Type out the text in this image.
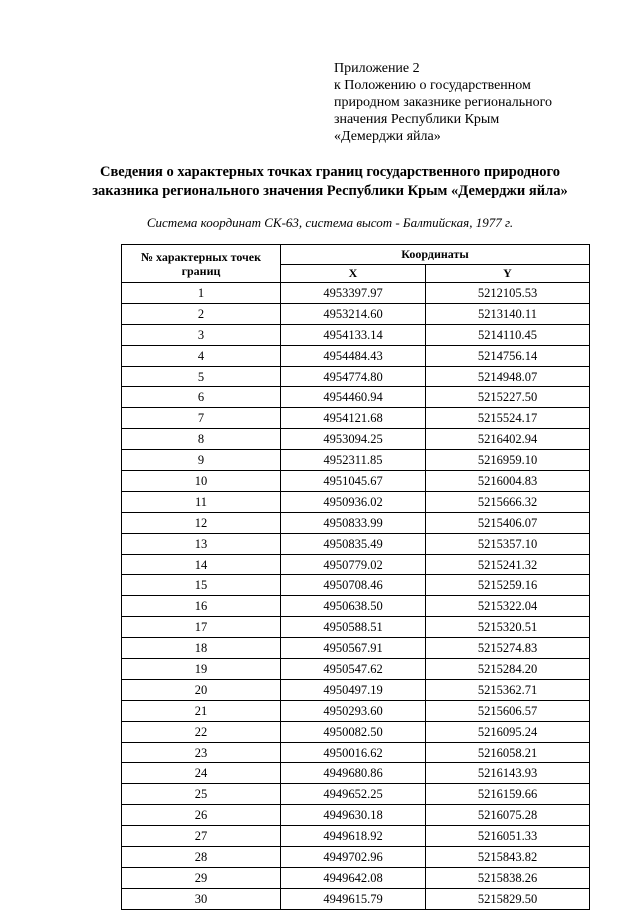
Приложение 2
к Положению о государственном
природном заказнике регионального
значения Республики Крым
«Демерджи яйла»
Сведения о характерных точках границ государственного природного
заказника регионального значения Республики Крым «Демерджи яйла»
Система координат СК-63, система высот - Балтийская, 1977 г.
№ характерных точек границ	Координаты	
	X	Y
1	4953397.97	5212105.53
2	4953214.60	5213140.11
3	4954133.14	5214110.45
4	4954484.43	5214756.14
5	4954774.80	5214948.07
6	4954460.94	5215227.50
7	4954121.68	5215524.17
8	4953094.25	5216402.94
9	4952311.85	5216959.10
10	4951045.67	5216004.83
11	4950936.02	5215666.32
12	4950833.99	5215406.07
13	4950835.49	5215357.10
14	4950779.02	5215241.32
15	4950708.46	5215259.16
16	4950638.50	5215322.04
17	4950588.51	5215320.51
18	4950567.91	5215274.83
19	4950547.62	5215284.20
20	4950497.19	5215362.71
21	4950293.60	5215606.57
22	4950082.50	5216095.24
23	4950016.62	5216058.21
24	4949680.86	5216143.93
25	4949652.25	5216159.66
26	4949630.18	5216075.28
27	4949618.92	5216051.33
28	4949702.96	5215843.82
29	4949642.08	5215838.26
30	4949615.79	5215829.50
